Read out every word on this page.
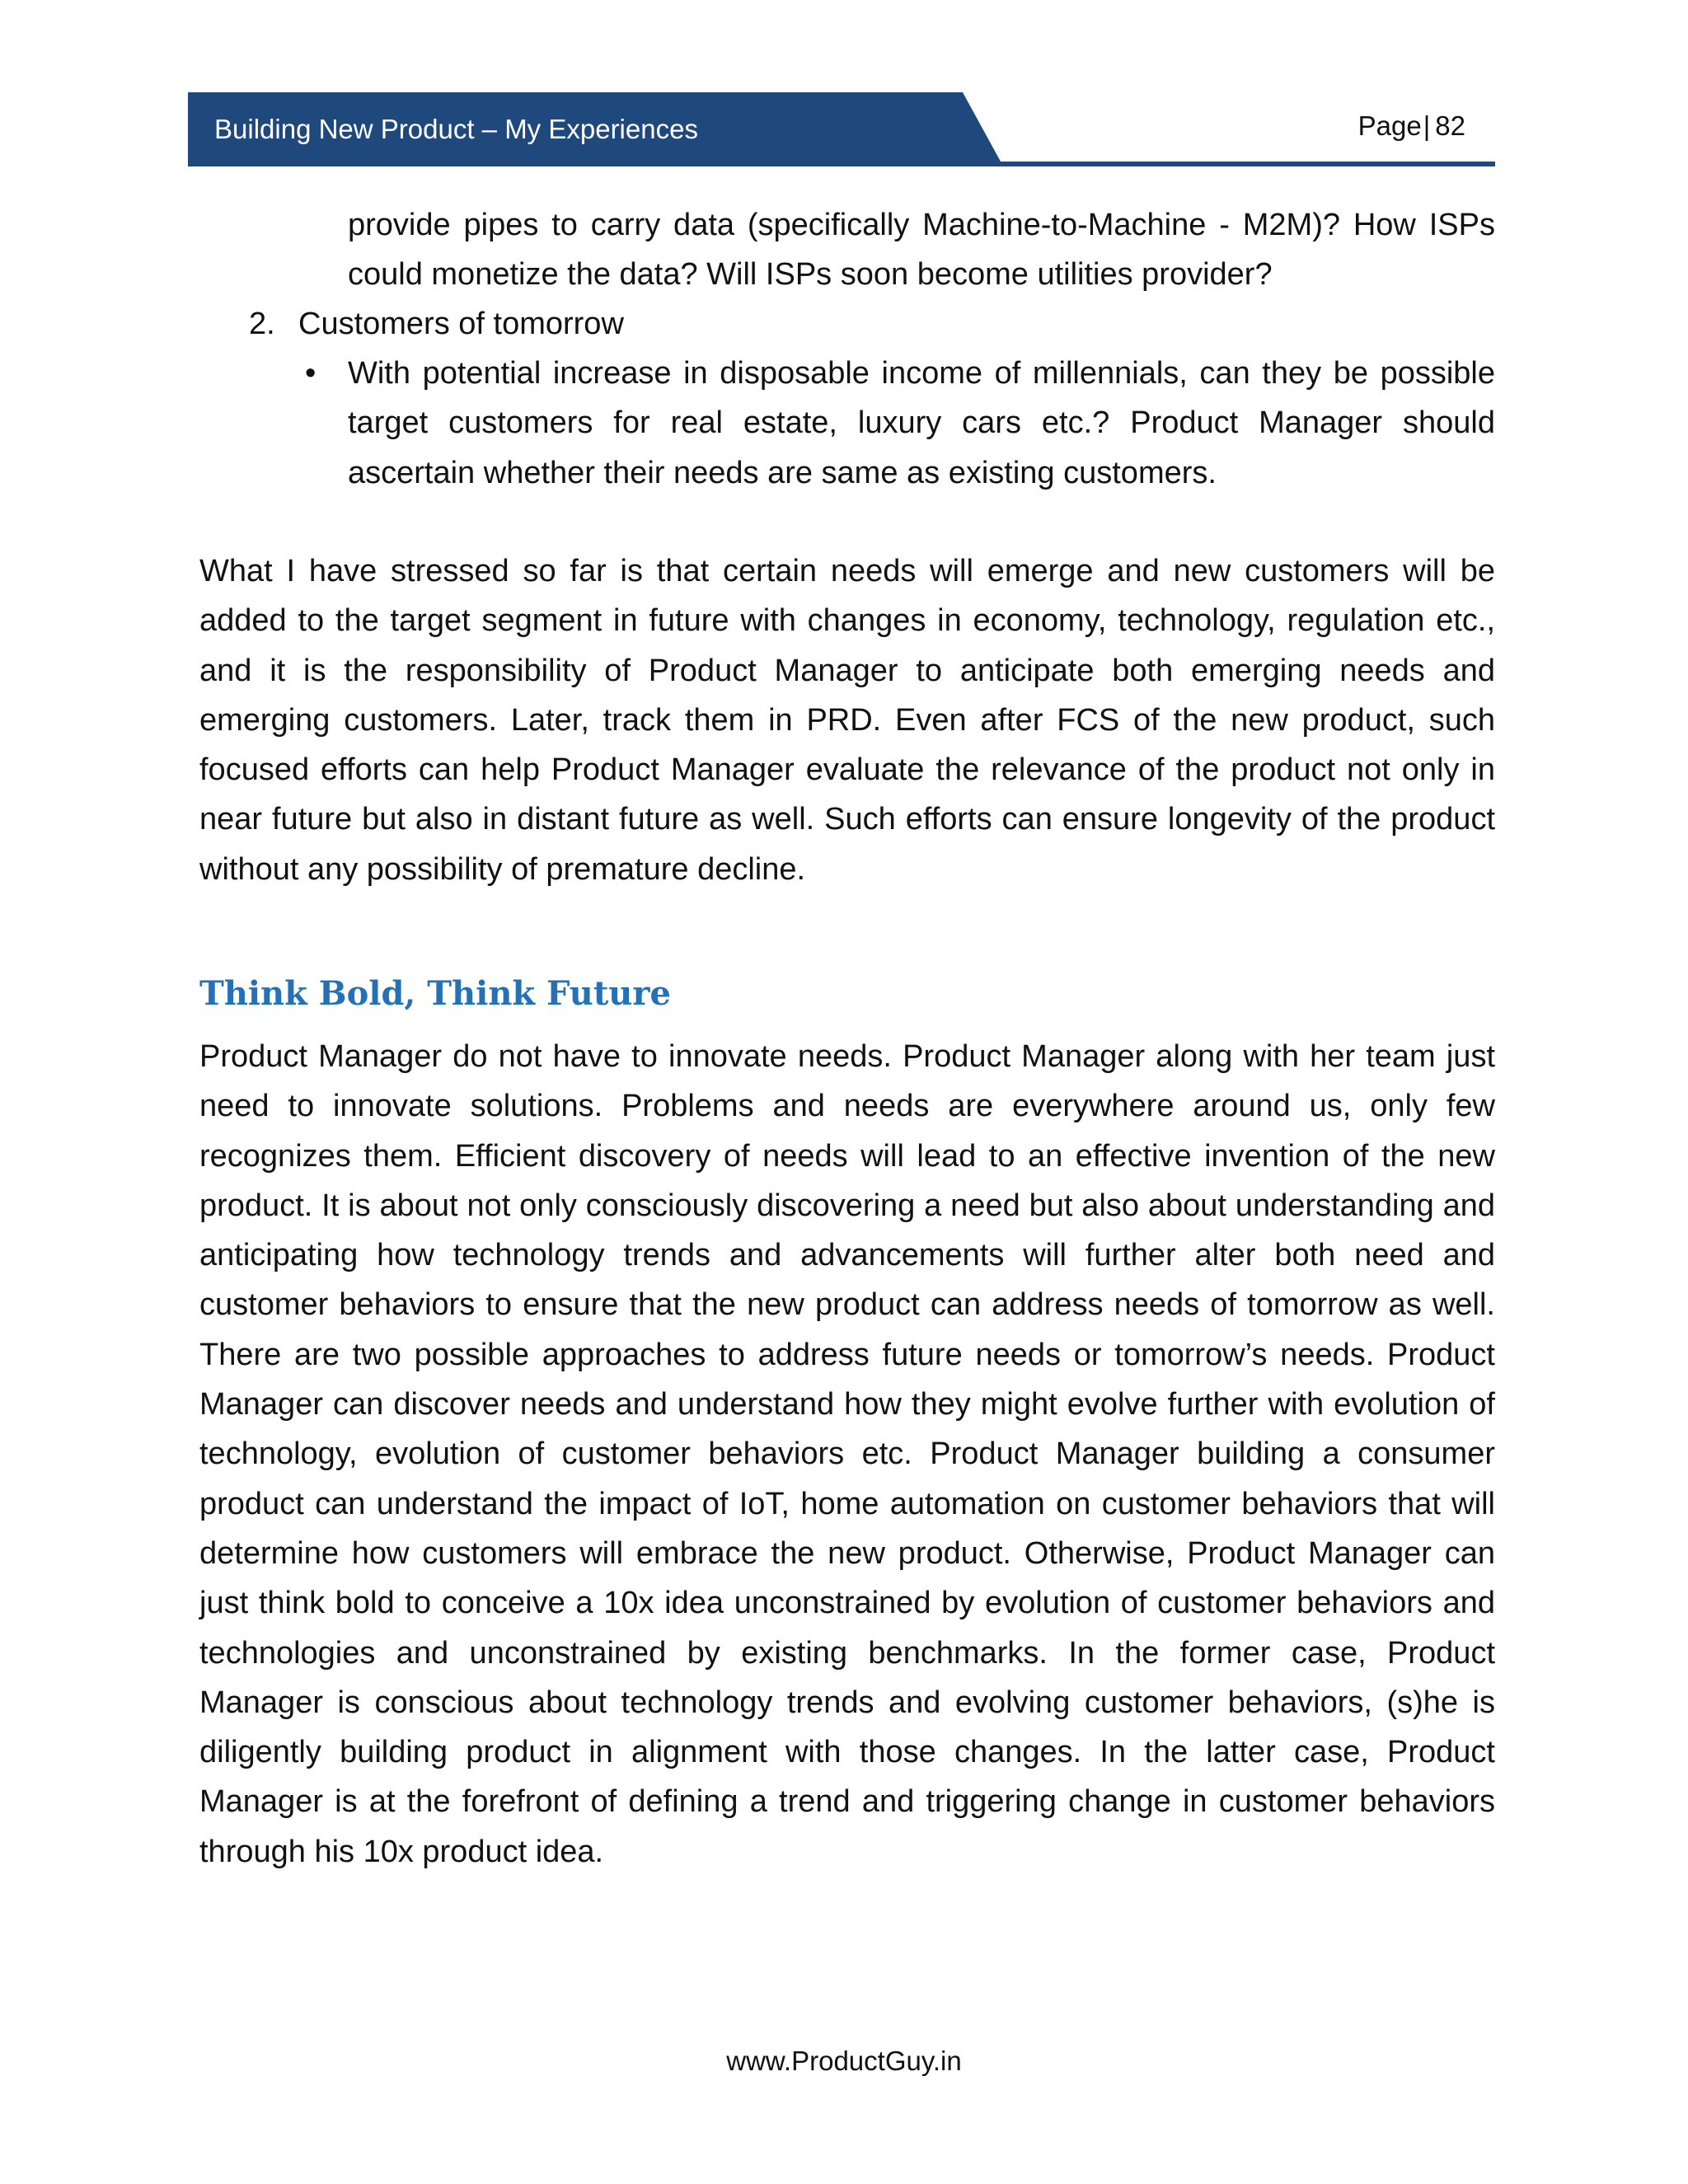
Building New Product – My Experiences	Page| 82
provide pipes to carry data (specifically Machine-to-Machine - M2M)? How ISPs
could monetize the data? Will ISPs soon become utilities provider?
2. Customers of tomorrow
• With potential increase in disposable income of millennials, can they be possible target customers for real estate, luxury cars etc.? Product Manager should ascertain whether their needs are same as existing customers.
What I have stressed so far is that certain needs will emerge and new customers will be added to the target segment in future with changes in economy, technology, regulation etc., and it is the responsibility of Product Manager to anticipate both emerging needs and emerging customers. Later, track them in PRD. Even after FCS of the new product, such focused efforts can help Product Manager evaluate the relevance of the product not only in near future but also in distant future as well. Such efforts can ensure longevity of the product without any possibility of premature decline.
Think Bold, Think Future
Product Manager do not have to innovate needs. Product Manager along with her team just need to innovate solutions. Problems and needs are everywhere around us, only few recognizes them. Efficient discovery of needs will lead to an effective invention of the new product. It is about not only consciously discovering a need but also about understanding and anticipating how technology trends and advancements will further alter both need and customer behaviors to ensure that the new product can address needs of tomorrow as well. There are two possible approaches to address future needs or tomorrow’s needs. Product Manager can discover needs and understand how they might evolve further with evolution of technology, evolution of customer behaviors etc. Product Manager building a consumer product can understand the impact of IoT, home automation on customer behaviors that will determine how customers will embrace the new product. Otherwise, Product Manager can just think bold to conceive a 10x idea unconstrained by evolution of customer behaviors and technologies and unconstrained by existing benchmarks. In the former case, Product Manager is conscious about technology trends and evolving customer behaviors, (s)he is diligently building product in alignment with those changes. In the latter case, Product Manager is at the forefront of defining a trend and triggering change in customer behaviors through his 10x product idea.
www.ProductGuy.in
